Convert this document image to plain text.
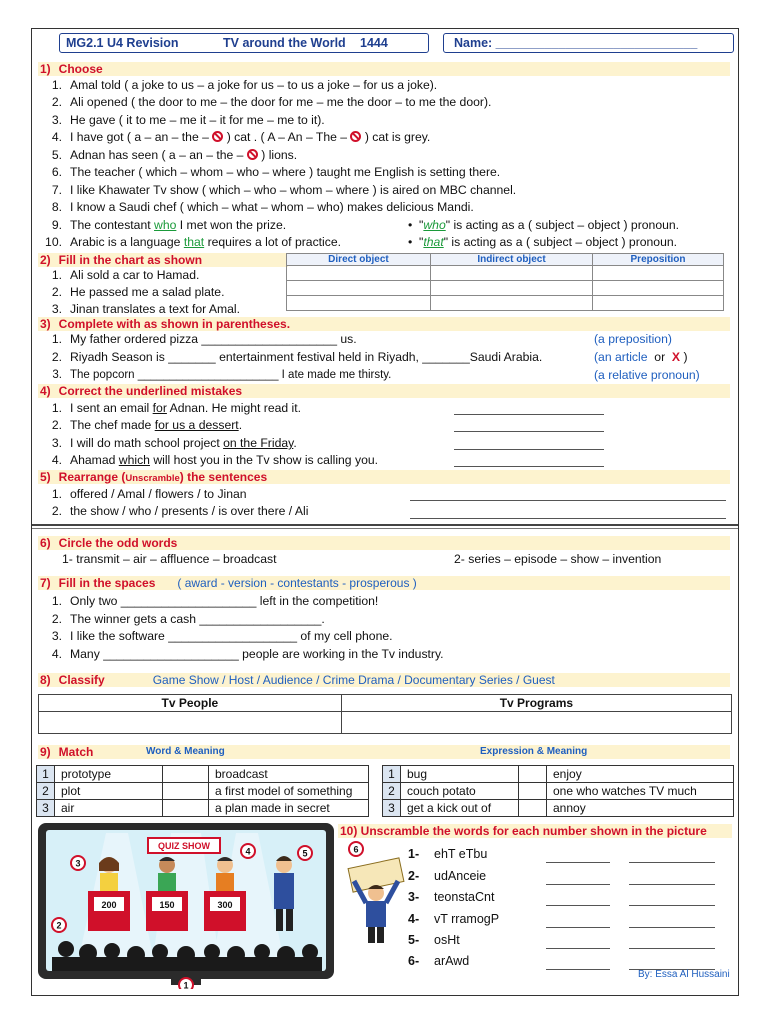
MG2.1 U4 Revision	TV around the World 1444	Name: _____________________________
1) Choose
1. Amal told ( a joke to us – a joke for us – to us a joke – for us a joke).
2. Ali opened ( the door to me – the door for me – me the door – to me the door).
3. He gave ( it to me – me it – it for me – me to it).
4. I have got ( a – an – the – ) cat . ( A – An – The – ) cat is grey.
5. Adnan has seen ( a – an – the – ) lions.
6. The teacher ( which – whom – who – where ) taught me English is setting there.
7. I like Khawater Tv show ( which – who – whom – where ) is aired on MBC channel.
8. I know a Saudi chef ( which – what – whom – who) makes delicious Mandi.
9. The contestant who I met won the prize.	•  "who" is acting as a ( subject – object ) pronoun.
10. Arabic is a language that requires a lot of practice.	•  "that" is acting as a ( subject – object ) pronoun.
2) Fill in the chart as shown
1. Ali sold a car to Hamad.
2. He passed me a salad plate.
3. Jinan translates a text for Amal.
Direct object	Indirect object	Preposition

3) Complete with as shown in parentheses.
1. My father ordered pizza ____________________ us.	(a preposition)
2. Riyadh Season is _______ entertainment festival held in Riyadh, _______Saudi Arabia.	(an article or X )
3. The popcorn ______________________ I ate made me thirsty.	(a relative pronoun)
4) Correct the underlined mistakes
1. I sent an email for Adnan. He might read it.
2. The chef made for us a dessert.
3. I will do math school project on the Friday.
4. Ahamad which will host you in the Tv show is calling you.
5) Rearrange (Unscramble) the sentences
1. offered / Amal / flowers / to Jinan
2. the show / who / presents / is over there / Ali
6) Circle the odd words
1- transmit – air – affluence – broadcast	2- series – episode – show – invention
7) Fill in the spaces ( award - version - contestants - prosperous )
1. Only two ____________________ left in the competition!
2. The winner gets a cash __________________.
3. I like the software ___________________ of my cell phone.
4. Many ____________________ people are working in the Tv industry.
8) Classify	Game Show / Host / Audience / Crime Drama / Documentary Series / Guest
Tv People	Tv Programs

9) Match	Word & Meaning	Expression & Meaning
1	prototype		broadcast
2	plot		a first model of something
3	air		a plan made in secret
1	bug		enjoy
2	couch potato		one who watches TV much
3	get a kick out of		annoy
QUIZ SHOW
200	150	300
1
2
3
4	5	6
10) Unscramble the words for each number shown in the picture
1- ehT eTbu
2- udAnceie
3- teonstaCnt
4- vT rramogP
5- osHt
6- arAwd
By: Essa Al Hussaini
